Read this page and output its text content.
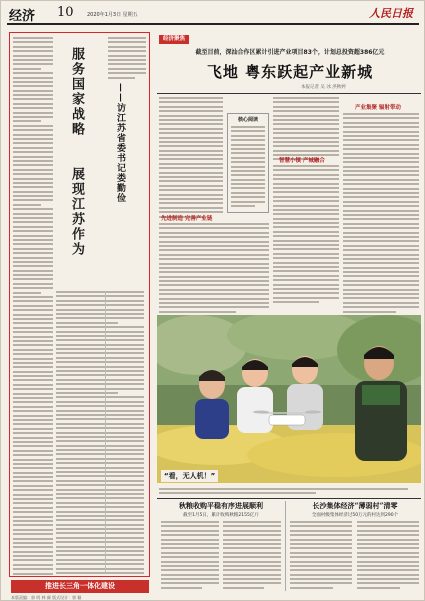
经济 10	2020年1月3日 星期五	人民日报
服务国家战略
展现江苏作为
——访江苏省委书记娄勤俭
推进长三角一体化建设
经济聚焦
截至目前，深汕合作区累计引进产业项目83个，计划总投资超386亿元
飞地 粤东跃起产业新城
本报记者 吴 冰 洪秋婷
核心阅读
先进制造 完善产业链
智慧小镇 产城融合
产业集聚 辐射带动
“看，无人机！”
秋粮收购平稳有序进展顺利
截至1月5日，累计收购秋粮2155亿斤
长沙集体经济“薄弱村”清零
全面村级集体经济过50万元的村达到290个
本版责编：郭 明 林 颜 版式设计：郭 颖
